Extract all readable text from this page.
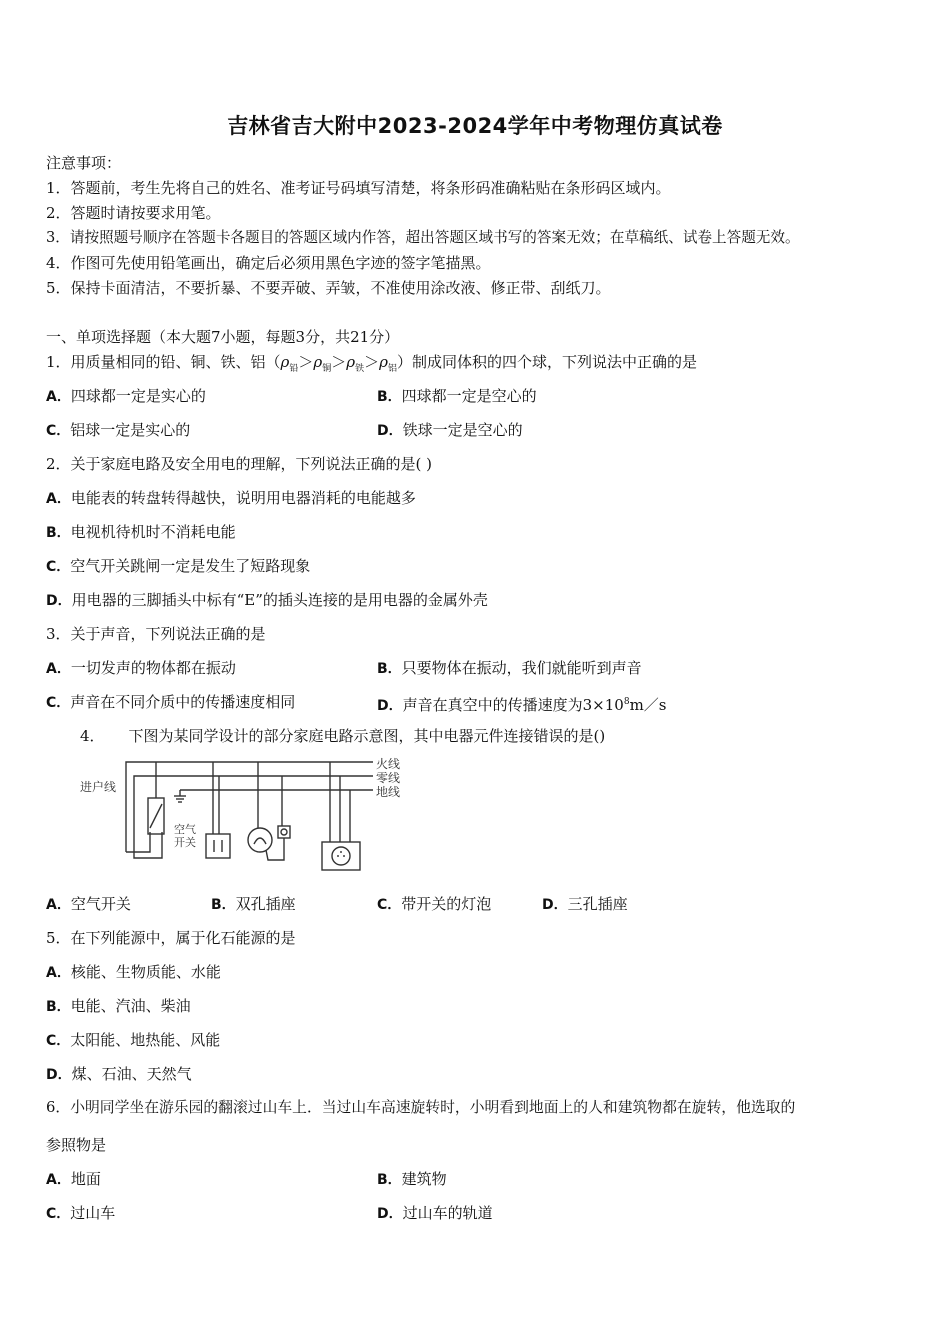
吉林省吉大附中2023-2024学年中考物理仿真试卷
注意事项：
1．答题前，考生先将自己的姓名、准考证号码填写清楚，将条形码准确粘贴在条形码区域内。
2．答题时请按要求用笔。
3．请按照题号顺序在答题卡各题目的答题区域内作答，超出答题区域书写的答案无效；在草稿纸、试卷上答题无效。
4．作图可先使用铅笔画出，确定后必须用黑色字迹的签字笔描黑。
5．保持卡面清洁，不要折暴、不要弄破、弄皱，不准使用涂改液、修正带、刮纸刀。
一、单项选择题（本大题7小题，每题3分，共21分）
1．用质量相同的铅、铜、铁、铝$(\rho_铅>\rho_铜>\rho_铁>\rho_铝)$制成同体积的四个球，下列说法中正确的是
A．四球都一定是实心的	B．四球都一定是空心的
C．铝球一定是实心的	D．铁球一定是空心的
2．关于家庭电路及安全用电的理解，下列说法正确的是( )
A．电能表的转盘转得越快，说明用电器消耗的电能越多
B．电视机待机时不消耗电能
C．空气开关跳闸一定是发生了短路现象
D．用电器的三脚插头中标有“E”的插头连接的是用电器的金属外壳
3．关于声音，下列说法正确的是
A．一切发声的物体都在振动	B．只要物体在振动，我们就能听到声音
C．声音在不同介质中的传播速度相同	D．声音在真空中的传播速度为$3\times 10^8m/s$
4． 下图为某同学设计的部分家庭电路示意图，其中电器元件连接错误的是()
进户线
火线
零线
地线
空气
开关
A．空气开关	B．双孔插座	C．带开关的灯泡	D．三孔插座
5．在下列能源中，属于化石能源的是
A．核能、生物质能、水能
B．电能、汽油、柴油
C．太阳能、地热能、风能
D．煤、石油、天然气
6．小明同学坐在游乐园的翻滚过山车上．当过山车高速旋转时，小明看到地面上的人和建筑物都在旋转，他选取的
参照物是
A．地面	B．建筑物
C．过山车	D．过山车的轨道
